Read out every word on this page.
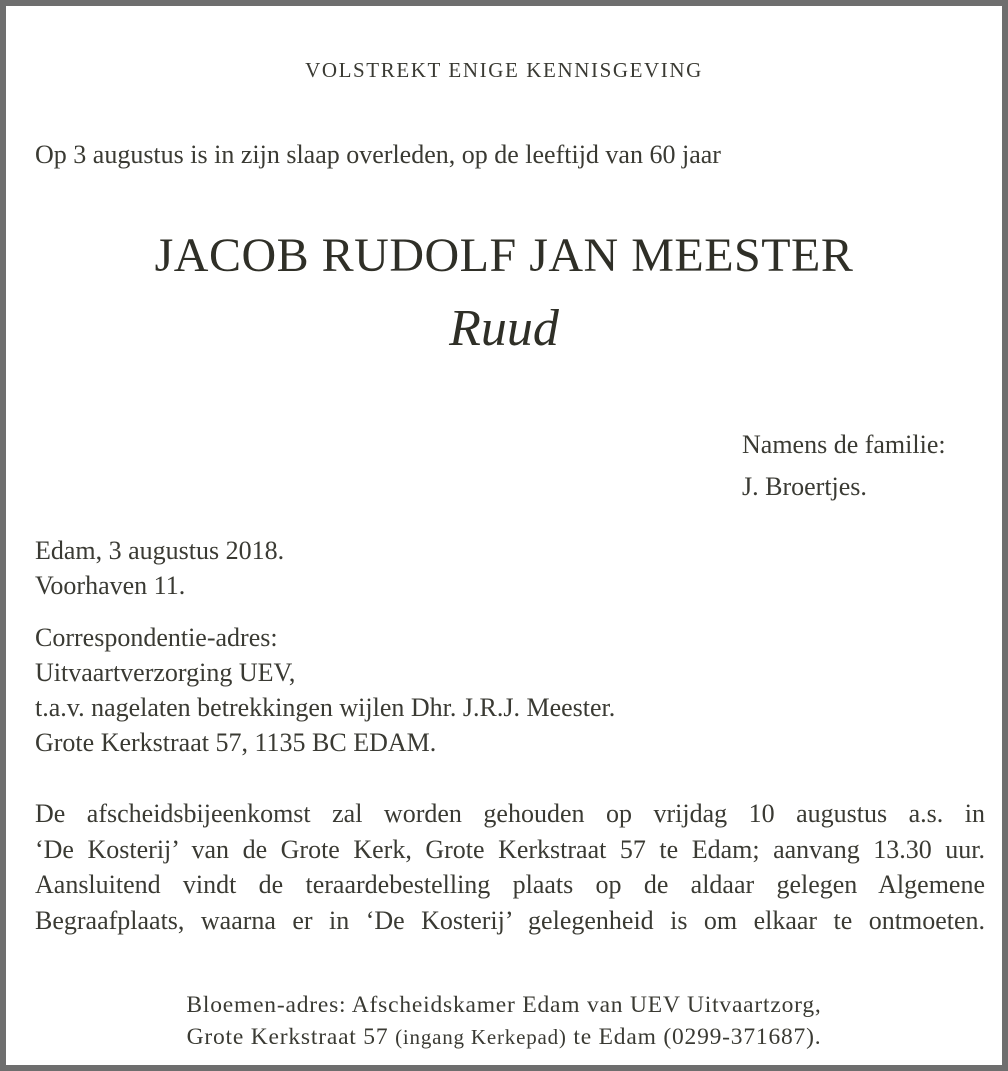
VOLSTREKT ENIGE KENNISGEVING
Op 3 augustus is in zijn slaap overleden, op de leeftijd van 60 jaar
JACOB RUDOLF JAN MEESTER
Ruud
Namens de familie:
J. Broertjes.
Edam, 3 augustus 2018.
Voorhaven 11.
Correspondentie-adres:
Uitvaartverzorging UEV,
t.a.v. nagelaten betrekkingen wijlen Dhr. J.R.J. Meester.
Grote Kerkstraat 57, 1135 BC EDAM.
De afscheidsbijeenkomst zal worden gehouden op vrijdag 10 augustus a.s. in
‘De Kosterij’ van de Grote Kerk, Grote Kerkstraat 57 te Edam; aanvang 13.30 uur.
Aansluitend vindt de teraardebestelling plaats op de aldaar gelegen Algemene
Begraafplaats, waarna er in ‘De Kosterij’ gelegenheid is om elkaar te ontmoeten.
Bloemen-adres: Afscheidskamer Edam van UEV Uitvaartzorg,
Grote Kerkstraat 57 (ingang Kerkepad) te Edam (0299-371687).
